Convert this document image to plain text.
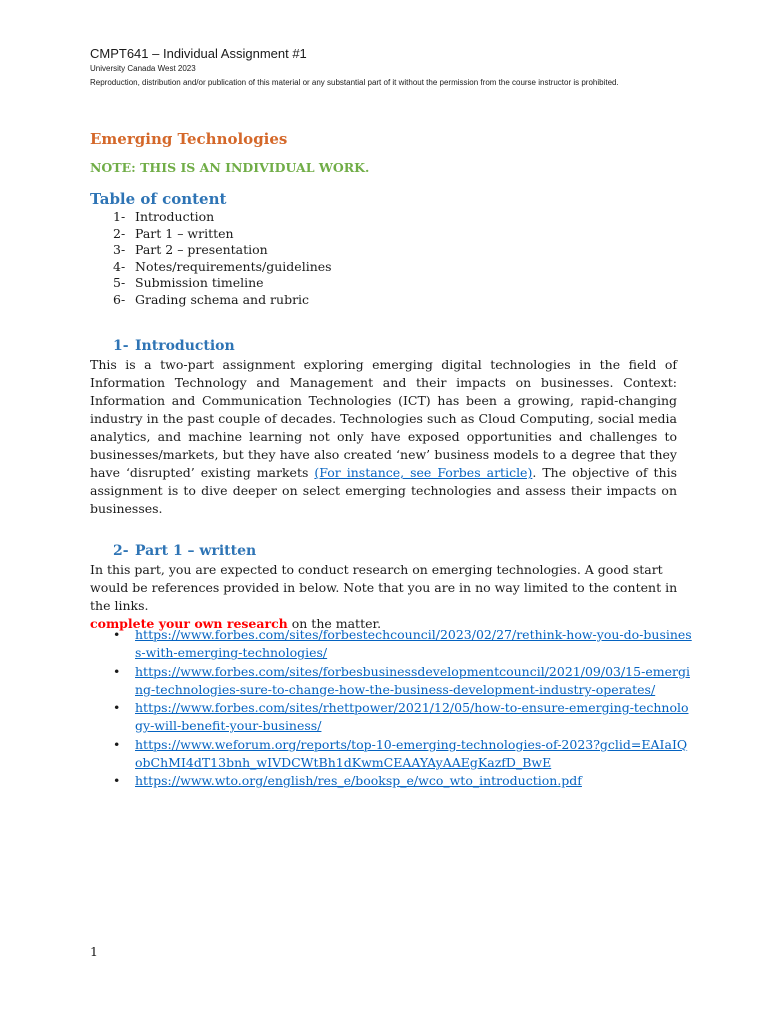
CMPT641 – Individual Assignment #1
University Canada West 2023
Reproduction, distribution and/or publication of this material or any substantial part of it without the permission from the course instructor is prohibited.
Emerging Technologies
NOTE: THIS IS AN INDIVIDUAL WORK.
Table of content
1- Introduction
2- Part 1 – written
3- Part 2 – presentation
4- Notes/requirements/guidelines
5- Submission timeline
6- Grading schema and rubric
1- Introduction
This is a two-part assignment exploring emerging digital technologies in the field of Information Technology and Management and their impacts on businesses. Context: Information and Communication Technologies (ICT) has been a growing, rapid-changing industry in the past couple of decades. Technologies such as Cloud Computing, social media analytics, and machine learning not only have exposed opportunities and challenges to businesses/markets, but they have also created ‘new’ business models to a degree that they have ‘disrupted’ existing markets (For instance, see Forbes article). The objective of this assignment is to dive deeper on select emerging technologies and assess their impacts on businesses.
2- Part 1 – written
In this part, you are expected to conduct research on emerging technologies. A good start would be references provided in below. Note that you are in no way limited to the content in the links.
complete your own research on the matter.
• https://www.forbes.com/sites/forbestechcouncil/2023/02/27/rethink-how-you-do-business-with-emerging-technologies/
• https://www.forbes.com/sites/forbesbusinessdevelopmentcouncil/2021/09/03/15-emerging-technologies-sure-to-change-how-the-business-development-industry-operates/
• https://www.forbes.com/sites/rhettpower/2021/12/05/how-to-ensure-emerging-technology-will-benefit-your-business/
• https://www.weforum.org/reports/top-10-emerging-technologies-of-2023?gclid=EAIaIQobChMI4dT13bnh_wIVDCWtBh1dKwmCEAAYAyAAEgKazfD_BwE
• https://www.wto.org/english/res_e/booksp_e/wco_wto_introduction.pdf
1
